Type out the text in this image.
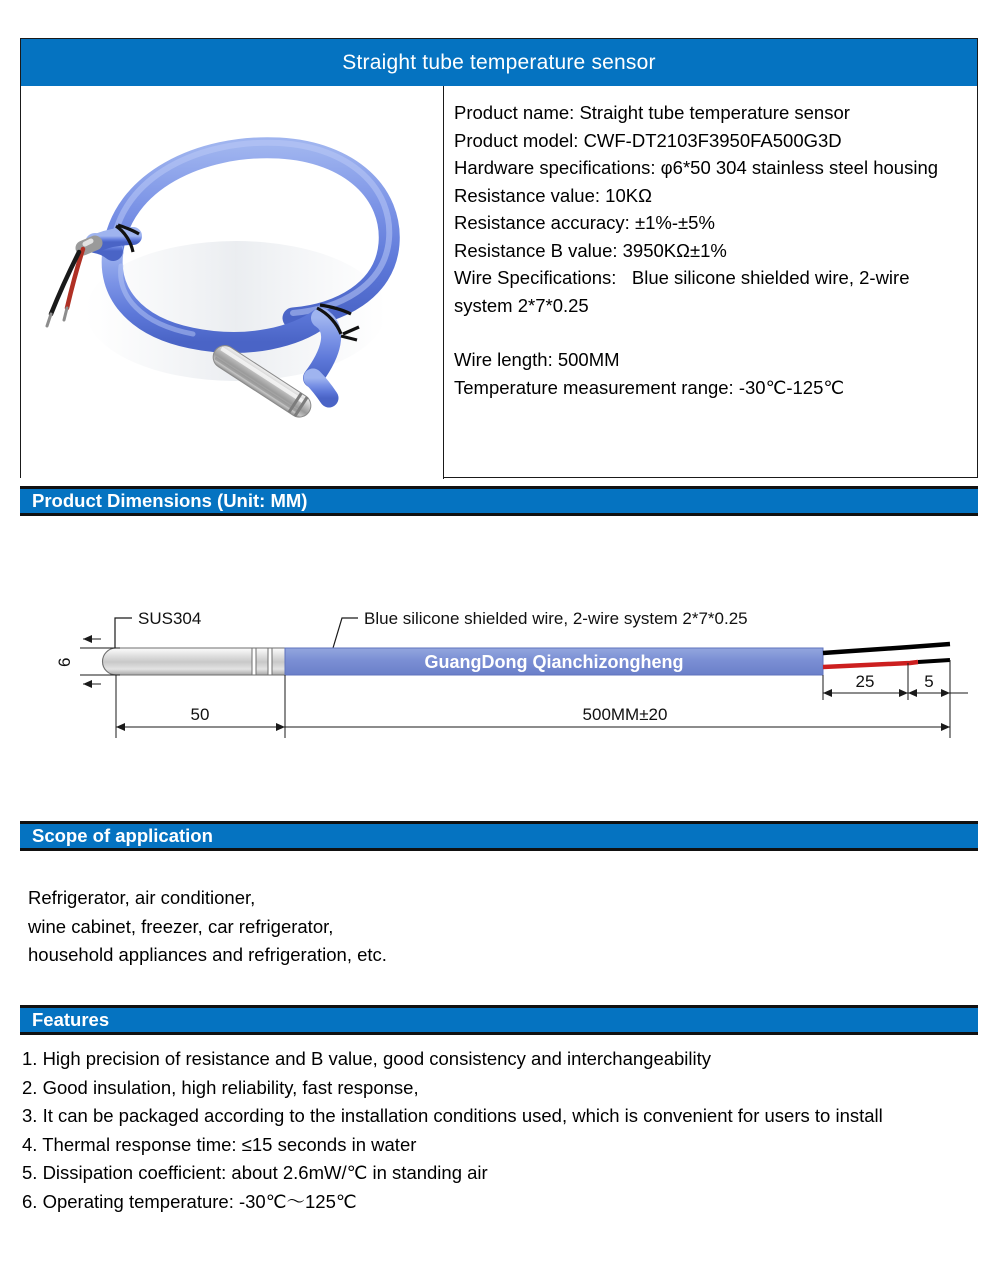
Straight tube temperature sensor
Product name: Straight tube temperature sensor
Product model: CWF-DT2103F3950FA500G3D
Hardware specifications: φ6*50 304 stainless steel housing
Resistance value: 10KΩ
Resistance accuracy: ±1%-±5%
Resistance B value: 3950KΩ±1%
Wire Specifications:   Blue silicone shielded wire, 2-wire system 2*7*0.25
Wire length: 500MM
Temperature measurement range: -30℃-125℃
Product Dimensions (Unit: MM)
SUS304	Blue silicone shielded wire, 2-wire system 2*7*0.25
GuangDong Qianchizongheng
6
50	500MM±20
25	5
Scope of application
Refrigerator, air conditioner,
wine cabinet, freezer, car refrigerator,
household appliances and refrigeration, etc.
Features
1. High precision of resistance and B value, good consistency and interchangeability
2. Good insulation, high reliability, fast response,
3. It can be packaged according to the installation conditions used, which is convenient for users to install
4. Thermal response time: ≤15 seconds in water
5. Dissipation coefficient: about 2.6mW/℃ in standing air
6. Operating temperature: -30℃～125℃
